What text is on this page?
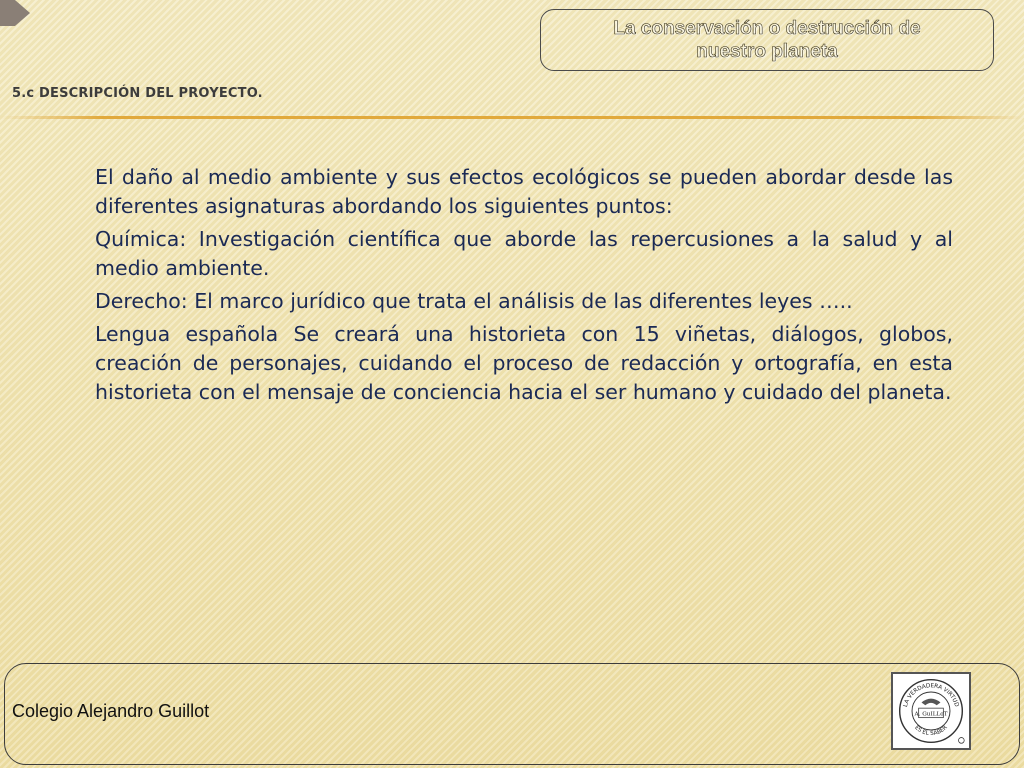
La conservación o destrucción de nuestro planeta
5.c DESCRIPCIÓN DEL PROYECTO.

El daño al medio ambiente y sus efectos ecológicos se pueden abordar desde las diferentes asignaturas abordando los siguientes puntos:

Química: Investigación científica que aborde las repercusiones a la salud y al medio ambiente.

Derecho: El marco jurídico que trata el análisis de las diferentes leyes …..

Lengua española Se creará una historieta con 15 viñetas, diálogos, globos, creación de personajes, cuidando el proceso de redacción y ortografía, en esta historieta con el mensaje de conciencia hacia el ser humano y cuidado del planeta.

Colegio Alejandro Guillot	LA VERDADERA VIRTUD
ES EL SABER
A. GuILLoT
